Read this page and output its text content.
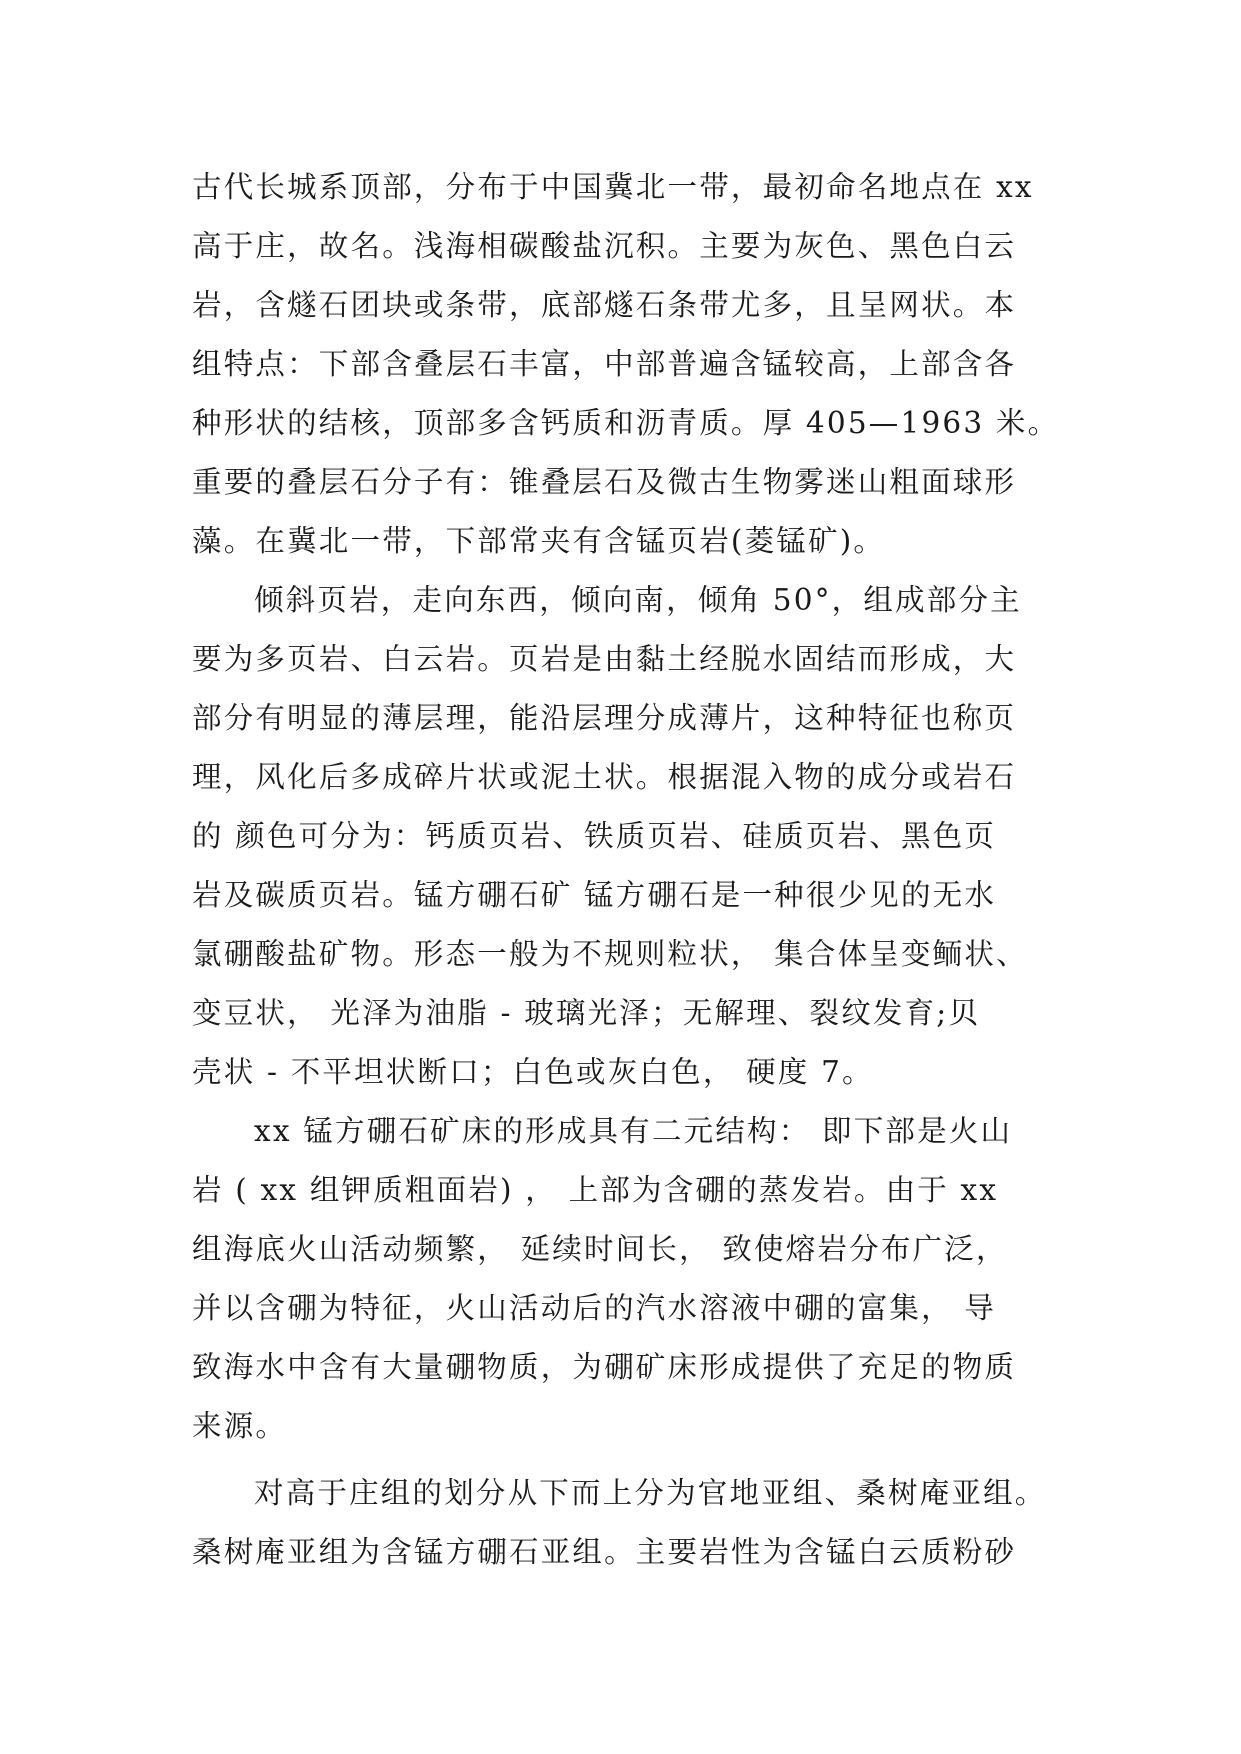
古代长城系顶部，分布于中国冀北一带，最初命名地点在 xx
高于庄，故名。浅海相碳酸盐沉积。主要为灰色、黑色白云
岩，含燧石团块或条带，底部燧石条带尤多，且呈网状。本
组特点：下部含叠层石丰富，中部普遍含锰较高，上部含各
种形状的结核，顶部多含钙质和沥青质。厚 405—1963 米。
重要的叠层石分子有：锥叠层石及微古生物雾迷山粗面球形
藻。在冀北一带，下部常夹有含锰页岩(菱锰矿)。
倾斜页岩，走向东西，倾向南，倾角 50°，组成部分主
要为多页岩、白云岩。页岩是由黏土经脱水固结而形成，大
部分有明显的薄层理，能沿层理分成薄片，这种特征也称页
理，风化后多成碎片状或泥土状。根据混入物的成分或岩石
的 颜色可分为：钙质页岩、铁质页岩、硅质页岩、黑色页
岩及碳质页岩。锰方硼石矿 锰方硼石是一种很少见的无水
氯硼酸盐矿物。形态一般为不规则粒状， 集合体呈变鲕状、
变豆状， 光泽为油脂 - 玻璃光泽；无解理、裂纹发育;贝
壳状 - 不平坦状断口；白色或灰白色， 硬度 7。
xx 锰方硼石矿床的形成具有二元结构： 即下部是火山
岩 ( xx 组钾质粗面岩) ， 上部为含硼的蒸发岩。由于 xx
组海底火山活动频繁， 延续时间长， 致使熔岩分布广泛，
并以含硼为特征，火山活动后的汽水溶液中硼的富集， 导
致海水中含有大量硼物质，为硼矿床形成提供了充足的物质
来源。
对高于庄组的划分从下而上分为官地亚组、桑树庵亚组。
桑树庵亚组为含锰方硼石亚组。主要岩性为含锰白云质粉砂
